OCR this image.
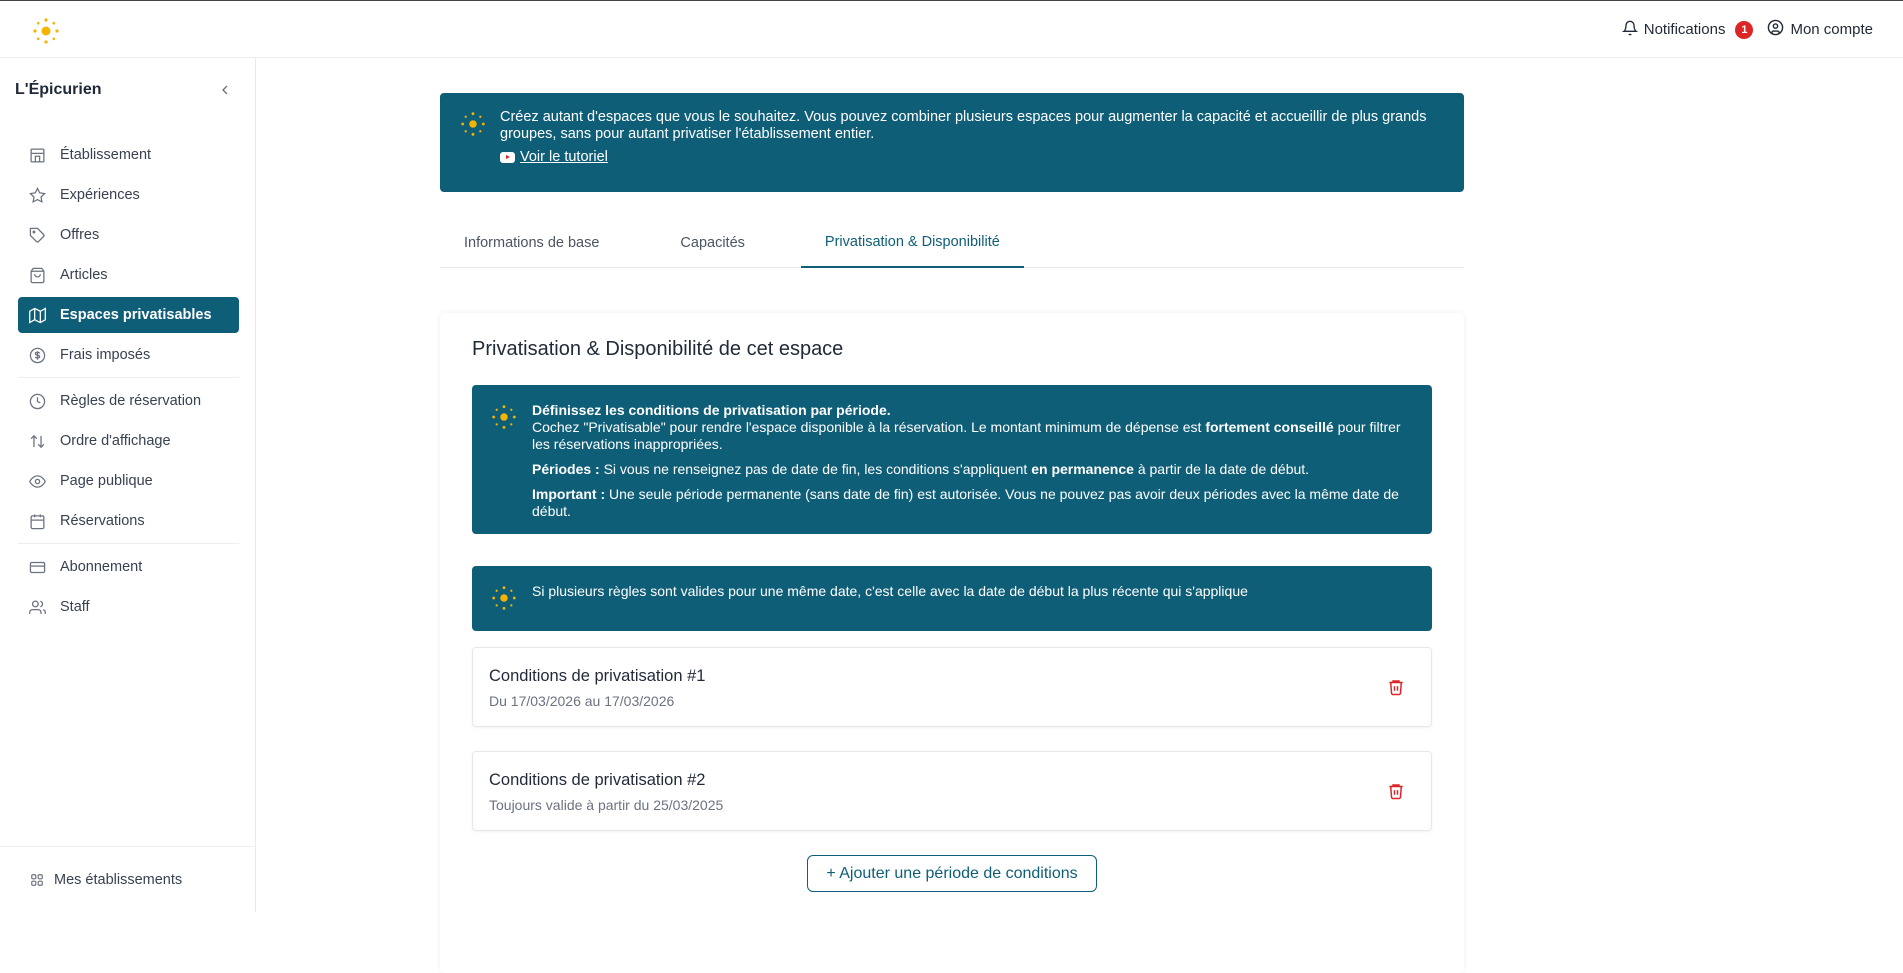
Notifications	1	Mon compte
L'Épicurien
Établissement
Expériences
Offres
Articles
Espaces privatisables
Frais imposés
Règles de réservation
Ordre d'affichage
Page publique
Réservations
Abonnement
Staff
Mes établissements
Créez autant d'espaces que vous le souhaitez. Vous pouvez combiner plusieurs espaces pour augmenter la capacité et accueillir de plus grands groupes, sans pour autant privatiser l'établissement entier.
Voir le tutoriel
Informations de base	Capacités	Privatisation & Disponibilité
Privatisation & Disponibilité de cet espace

Définissez les conditions de privatisation par période.
Cochez "Privatisable" pour rendre l'espace disponible à la réservation. Le montant minimum de dépense est fortement conseillé pour filtrer les réservations inappropriées.

Périodes : Si vous ne renseignez pas de date de fin, les conditions s'appliquent en permanence à partir de la date de début.

Important : Une seule période permanente (sans date de fin) est autorisée. Vous ne pouvez pas avoir deux périodes avec la même date de début.

Si plusieurs règles sont valides pour une même date, c'est celle avec la date de début la plus récente qui s'applique
Conditions de privatisation #1
Du 17/03/2026 au 17/03/2026
Conditions de privatisation #2
Toujours valide à partir du 25/03/2025
+ Ajouter une période de conditions
